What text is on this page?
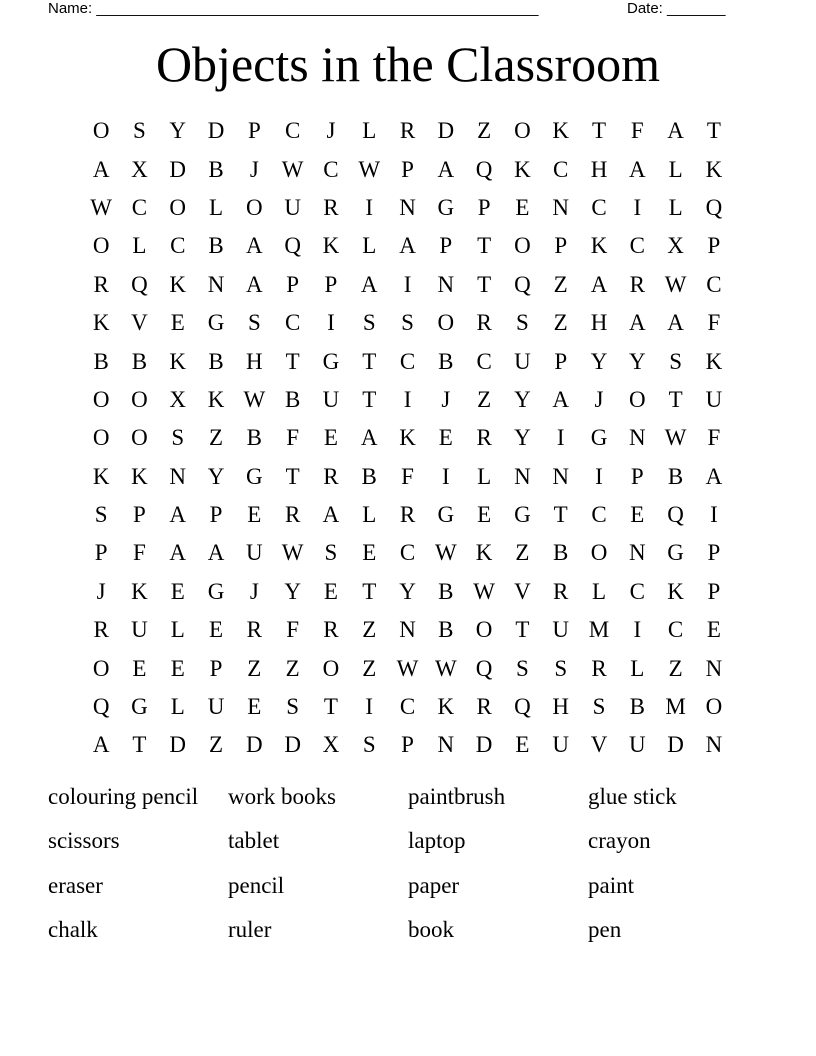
Name: _____________________________________________________	Date: _______
Objects in the Classroom
O	S	Y D	P	C	J	L	R D Z O K T	F	A T
A X D B	J W C W P	A Q K C H A L K
W C O L O U R	I	N G	P	E N C	I	L Q
O L	C B A Q K L A	P	T O	P	K C X	P
R Q K N A	P	P	A	I	N T Q Z A R W C
K V E G	S	C	I	S	S	O R	S	Z H A A	F
B B K B H T G T	C B C U	P	Y Y	S	K
O O X K W B U T	I	J	Z Y A	J	O T U
O O	S	Z	B	F	E A K E	R Y	I	G N W F
K K N Y G T	R B	F	I	L N N	I	P	B A
S	P	A	P	E	R A L	R G E G T	C	E Q	I
P	F	A A U W S	E	C W K Z	B O N G	P
J	K E G	J	Y E	T Y B W V R	L	C K	P
R U L	E	R	F	R	Z N B O T U M	I	C	E
O E	E	P	Z	Z O Z W W Q	S	S	R	L	Z N
Q G L U E	S	T	I	C K R Q H	S	B M O
A T D Z D D X	S	P	N D E U V U D N
colouring pencil	work books	paintbrush	glue stick
scissors	tablet	laptop	crayon
eraser	pencil	paper	paint
chalk	ruler	book	pen
